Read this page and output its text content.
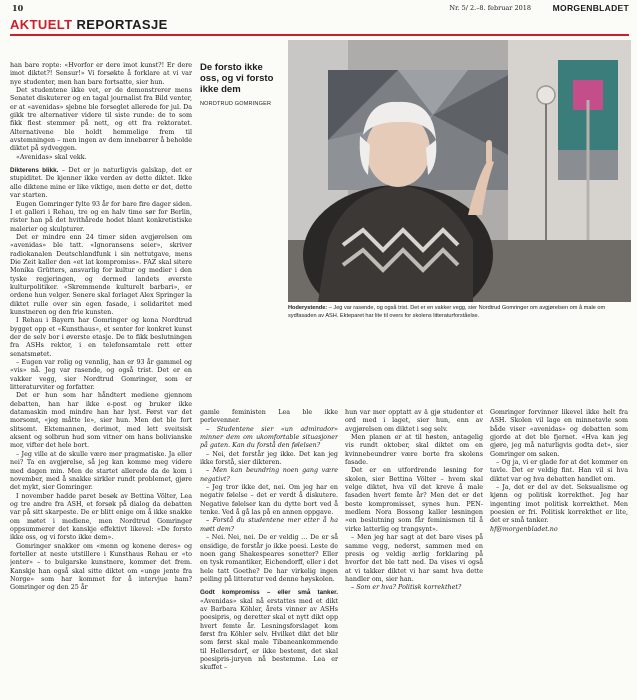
10	Nr. 5/ 2.–8. februar 2018	MORGENBLADET
AKTUELT REPORTASJE

han bare ropte: «Hvorfor er dere imot kunst?! Er dere imot diktet?! Sensur!» Vi forsøkte å forklare at vi var nye studenter, men han bare fortsatte, sier hun.

Det studentene ikke vet, er de demonstrerer mens Senatet diskuterer og en tagal journalist fra Bild venter, er at «avenidas» sjebne ble forseglet allerede for jul. Da gikk tre alternativer videre til siste runde: de to som fikk flest stemmer på nett, og ett fra rektoratet. Alternativene ble holdt hemmelige frem til avstemningen – men ingen av dem innebærer å beholde diktet på sydveggen.

«Avenidas» skal vekk.

Dikterens blikk. – Det er jo naturligvis galskap, det er stupiditet. De kjenner ikke verden av dette diktet. Ikke alle diktene mine er like viktige, men dette er det, dette var starten.

Eugen Gomringer fylte 93 år for bare fire dager siden. I et galleri i Rehau, tre og en halv time sør for Berlin, rister han på det hvithårede hodet blant konkretistiske malerier og skulpturer.

Det er mindre enn 24 timer siden avgjørelsen om «avenidas» ble tatt. «Ignoransens seier», skriver radiokanalen Deutschlandfunk i sin nettutgave, mens Die Zeit kaller den «et lat kompromiss». FAZ skal sitere Monika Grütters, ansvarlig for kultur og medier i den tyske regjeringen, og dermed landets øverste kulturpolitiker. «Skremmende kulturelt barbari», er ordene hun velger. Senere skal forlaget Alex Springer la diktet rulle over sin egen fasade, i solidaritet med kunstneren og den frie kunsten.

I Rehau i Bayern har Gomringer og kona Nordtrud bygget opp et «Kunsthaus», et senter for konkret kunst der de selv bor i øverste etasje. De to fikk beslutningen fra ASHs rektor, i en telefonsamtale rett etter senatsmøtet.

– Eugen var rolig og vennlig, han er 93 år gammel og «vis» nå. Jeg var rasende, og også trist. Det er en vakker vegg, sier Nordtrud Gomringer, som er litteraturviter og forfatter.

Det er hun som har håndtert mediene gjennom debatten, han har ikke e-post og bruker ikke datamaskin mod mindre han har lyst. Først var det morsomt, «jeg måtte le», sier hun. Men det ble fort slitsomt. Ektemannen, derimot, med lett sveitsisk aksent og solbrun hud som vitner om hans bolivianske mor, vifter det hele bort.

– Jeg ville at de skulle være mer pragmatiske. Ja eller nei? Ta en avgjørelse, så jeg kan komme meg videre med dagen min. Men de startet allerede da de kom i november, med å snakke sirkler rundt problemet, gjøre det mykt, sier Gomringer.

I november hadde paret besøk av Bettina Völter, Lea og tre andre fra ASH, et forsøk på dialog da debatten var på sitt skarpeste. De er blitt enige om å ikke snakke om møtet i mediene, men Nordtrud Gomringer oppsummerer det kanskje effektivt likevel: «De forsto ikke oss, og vi forsto ikke dem».

Gomringer snakker om «menn og konene deres» og forteller at neste utstillere i Kunsthaus Rehau er «to jenter» – to bulgarske kunstnere, kommer det frem. Kanskje han også skal sitte diktet om «unge jente fra Norge» som har kommet for å intervjue ham? Gomringer og den 25 år

De forsto ikke oss, og vi forsto ikke dem
NORDTRUD GOMRINGER
Hoderystende: – Jeg var rasende, og også trist. Det er en vakker vegg, sier Nordtrud Gomringer om avgjørelsen om å male om sydfasaden av ASH. Ekteparet har lite til overs for skolens litteraturforståelse.

gamle feministen Lea ble ikke perlevenner.

– Studentene sier «un admirador» minner dem om ukomfortable situasjoner på gaten. Kan du forstå den følelsen?

– Nei, det forstår jeg ikke. Det kan jeg ikke forstå, sier dikteren.

– Men kan beundring noen gang være negativt?

– Jeg tror ikke det, nei. Om jeg har en negativ følelse – det er verdt å diskutere. Negative følelser kan du dytte bort ved å tenke. Ved å gå las på en annen oppgave.

– Forstå du studentene mer etter å ha møtt dem?

– Nei. Nei, nei. De er veldig … De er så ensidige, de forstår jo ikke poesi. Leste de noen gang Shakespeares sonetter? Eller en tysk romantiker, Eichendorff, eller i det hele tatt Goethe? De har virkelig ingen peiling på litteratur ved denne høyskolen.

Godt kompromiss – eller små tanker. «Avenidas» skal nå erstattes med et dikt av Barbara Köhler, årets vinner av ASHs poesipris, og deretter skal et nytt dikt opp hvert femte år. Lesningsforslaget kom først fra Köhler selv. Hvilket dikt det blir som først skal male Tibaneankommende til Hellersdorf, er ikke bestemt, det skal poesipris-juryen nå bestemme. Lea er skuffet –

hun var mer opptatt av å gjø studenter et ord med i laget, sier hun, enn av avgjørelsen om diktet i seg selv.

Men planen er at til høsten, antagelig vis rundt oktober, skal diktet om en kvinnebeundrer være borte fra skolens fasade.

Det er en utfordrende løsning for skolen, sier Bettina Völter – hvem skal velge diktet, hva vil det kreve å male fasaden hvert femte år? Men det er det beste kompromisset, synes hun. PEN-medlem Nora Bossong kaller løsningen «en beslutning som får feminismen til å virke latterlig og trangsynt».

– Men jeg har sagt at det bare vises på samme vegg, nederst, sammen med en presis og veldig ærlig forklaring på hvorfor det ble tatt ned. Da vises vi også at vi takker diktet vi har samt hva dette handler om, sier han.

– Som er hva? Politisk korrekthet?

Gomringer forvinner likevel ikke helt fra ASH. Skolen vil lage en minnetavle som både viser «avenidas» og debatten som gjorde at det ble fjernet. «Hva kan jeg gjøre, jeg må naturligvis godta det», sier Gomringer om saken.

– Og ja, vi er glade for at det kommer en tavle. Det er veldig fint. Han vil si hva diktet var og hva debatten handlet om.

– Ja, det er del av det. Seksualisme og kjønn og politisk korrekthet. Jeg har ingenting imot politisk korrekthet. Men poesien er fri. Politisk korrekthet er lite, det er små tanker.

hf@morgenbladet.no
